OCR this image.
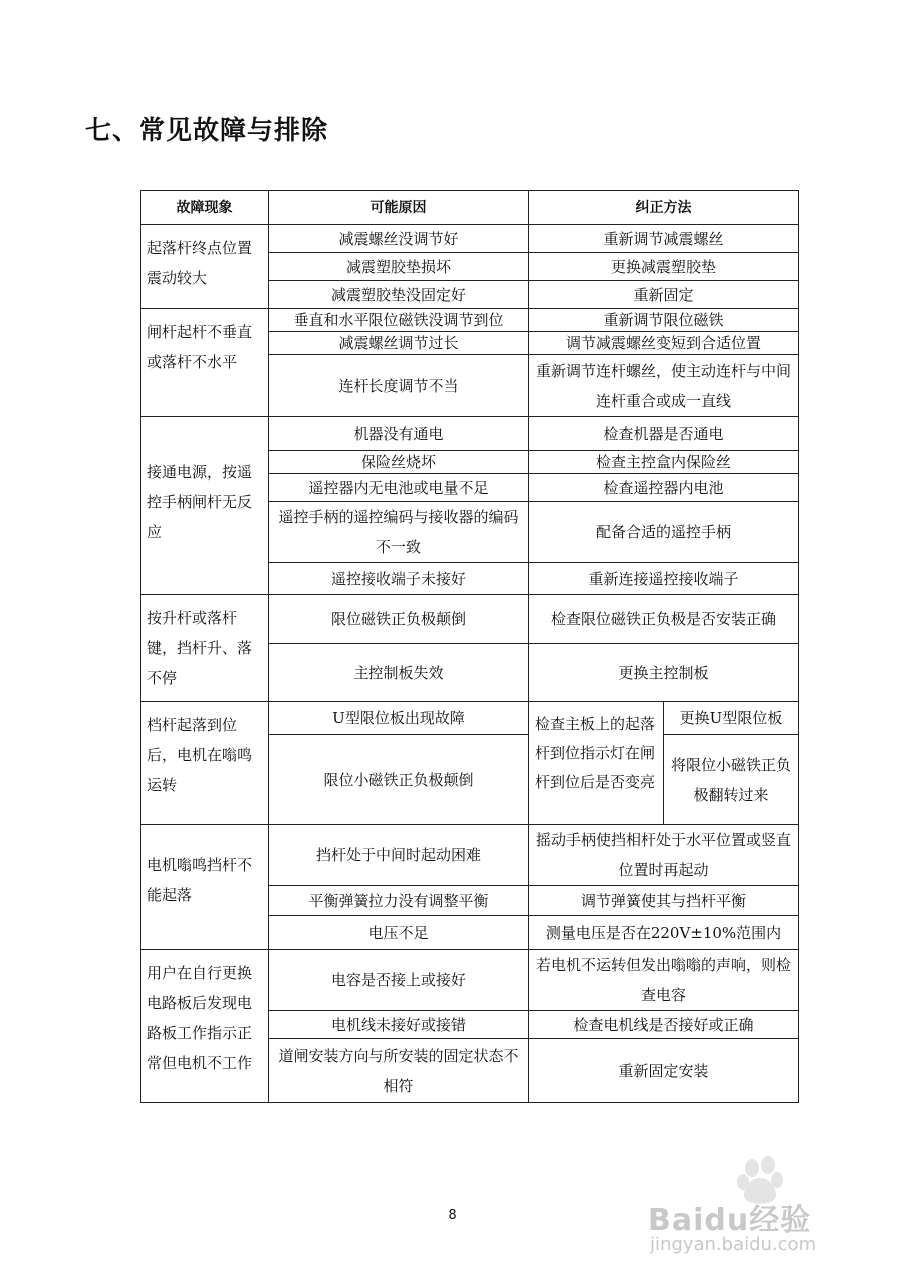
七、常见故障与排除
故障现象	可能原因	纠正方法	
起落杆终点位置震动较大	减震螺丝没调节好	重新调节减震螺丝	
	减震塑胶垫损坏	更换减震塑胶垫	
	减震塑胶垫没固定好	重新固定	
闸杆起杆不垂直或落杆不水平	垂直和水平限位磁铁没调节到位	重新调节限位磁铁	
	减震螺丝调节过长	调节减震螺丝变短到合适位置	
	连杆长度调节不当	重新调节连杆螺丝，使主动连杆与中间连杆重合或成一直线	
接通电源，按遥控手柄闸杆无反应	机器没有通电	检查机器是否通电	
	保险丝烧坏	检查主控盒内保险丝	
	遥控器内无电池或电量不足	检查遥控器内电池	
	遥控手柄的遥控编码与接收器的编码不一致	配备合适的遥控手柄	
	遥控接收端子未接好	重新连接遥控接收端子	
按升杆或落杆键，挡杆升、落不停	限位磁铁正负极颠倒	检查限位磁铁正负极是否安装正确	
	主控制板失效	更换主控制板	
档杆起落到位后，电机在嗡鸣运转	U型限位板出现故障	检查主板上的起落杆到位指示灯在闸杆到位后是否变亮	更换U型限位板
	限位小磁铁正负极颠倒		将限位小磁铁正负极翻转过来
电机嗡鸣挡杆不能起落	挡杆处于中间时起动困难	摇动手柄使挡相杆处于水平位置或竖直位置时再起动	
	平衡弹簧拉力没有调整平衡	调节弹簧使其与挡杆平衡	
	电压不足	测量电压是否在220V±10%范围内	
用户在自行更换电路板后发现电路板工作指示正常但电机不工作	电容是否接上或接好	若电机不运转但发出嗡嗡的声响，则检查电容	
	电机线未接好或接错	检查电机线是否接好或正确	
	道闸安装方向与所安装的固定状态不相符	重新固定安装	
Baidu经验
jingyan.baidu.com
8
